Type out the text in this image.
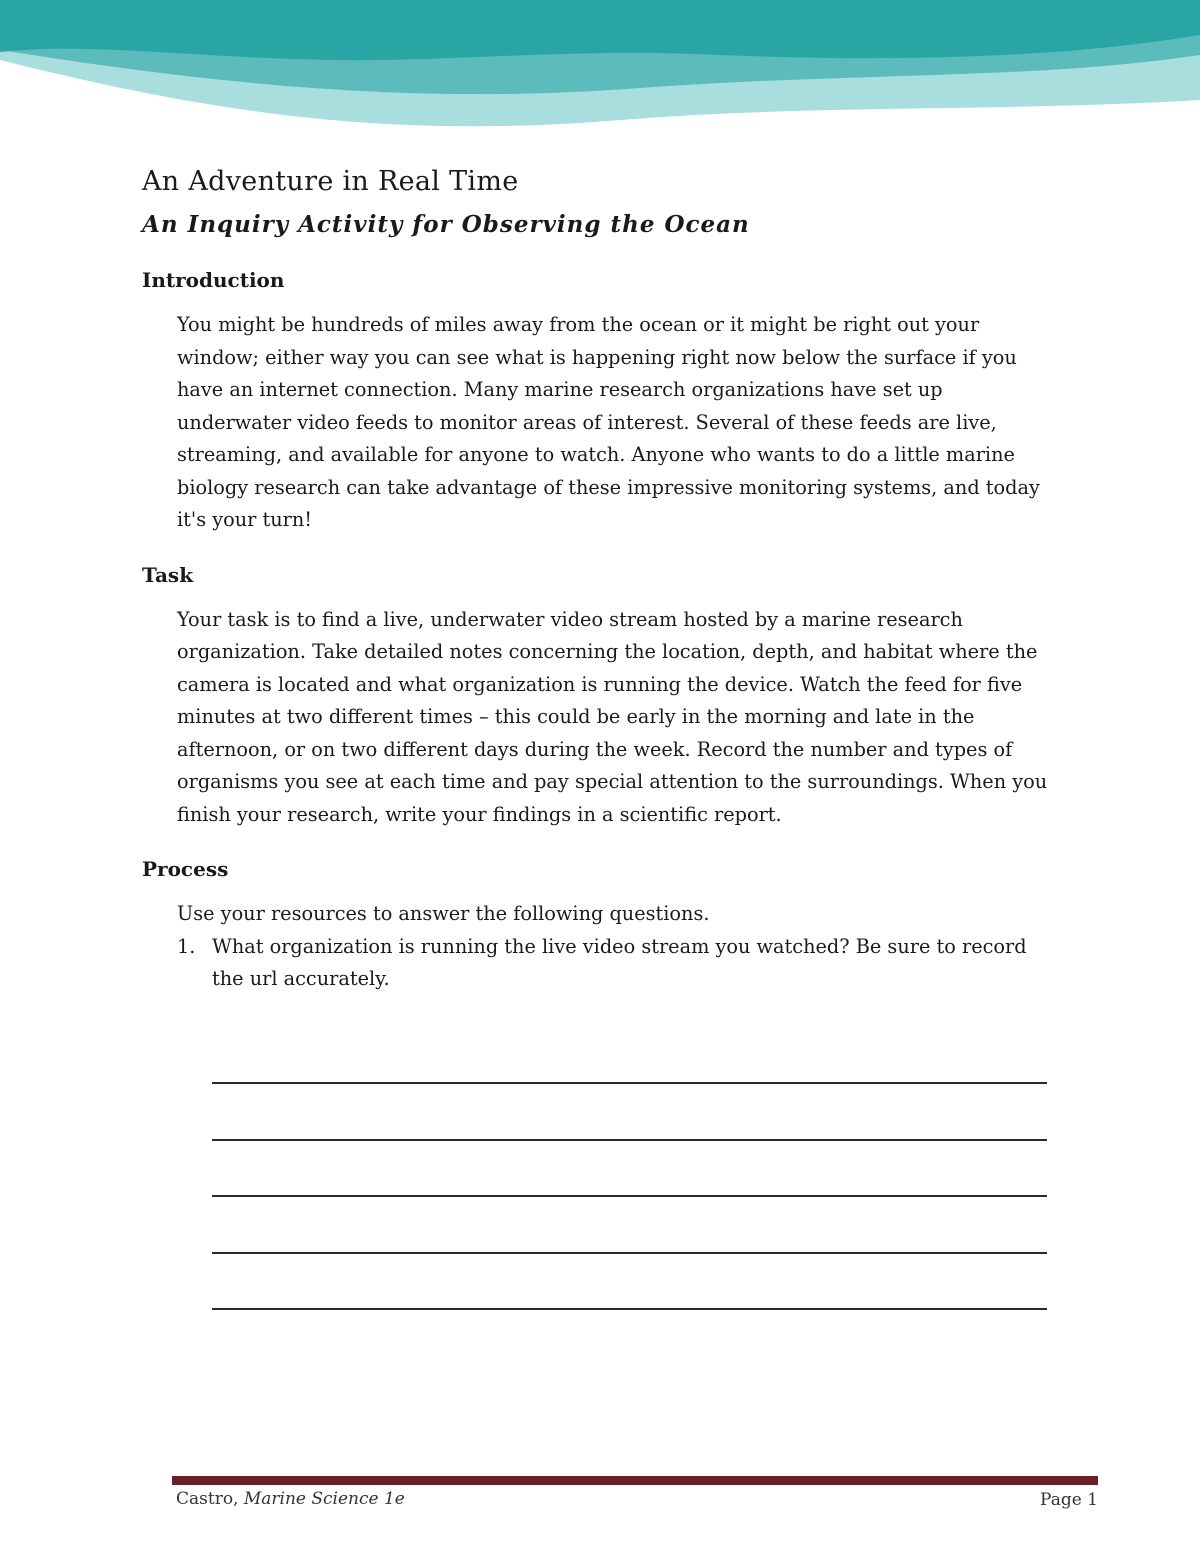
An Adventure in Real Time
An Inquiry Activity for Observing the Ocean
Introduction

You might be hundreds of miles away from the ocean or it might be right out your window; either way you can see what is happening right now below the surface if you have an internet connection. Many marine research organizations have set up underwater video feeds to monitor areas of interest. Several of these feeds are live, streaming, and available for anyone to watch. Anyone who wants to do a little marine biology research can take advantage of these impressive monitoring systems, and today it's your turn!

Task

Your task is to find a live, underwater video stream hosted by a marine research organization. Take detailed notes concerning the location, depth, and habitat where the camera is located and what organization is running the device. Watch the feed for five minutes at two different times – this could be early in the morning and late in the afternoon, or on two different days during the week. Record the number and types of organisms you see at each time and pay special attention to the surroundings. When you finish your research, write your findings in a scientific report.

Process

Use your resources to answer the following questions.

1. What organization is running the live video stream you watched? Be sure to record the url accurately.
Castro, Marine Science 1e	Page 1
